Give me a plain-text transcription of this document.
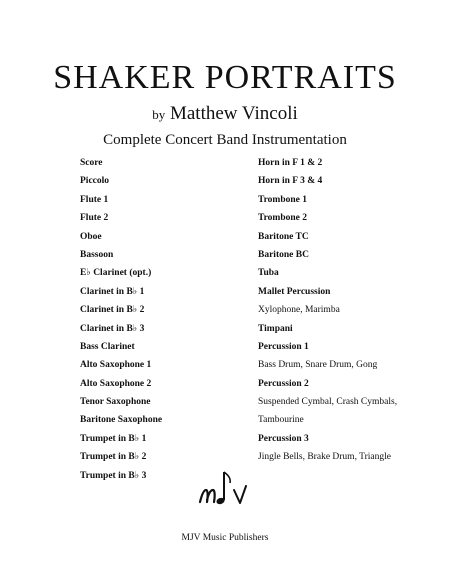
SHAKER PORTRAITS
by Matthew Vincoli
Complete Concert Band Instrumentation
Score
Piccolo
Flute 1
Flute 2
Oboe
Bassoon
E♭ Clarinet (opt.)
Clarinet in B♭ 1
Clarinet in B♭ 2
Clarinet in B♭ 3
Bass Clarinet
Alto Saxophone 1
Alto Saxophone 2
Tenor Saxophone
Baritone Saxophone
Trumpet in B♭ 1
Trumpet in B♭ 2
Trumpet in B♭ 3
Horn in F 1 & 2
Horn in F 3 & 4
Trombone 1
Trombone 2
Baritone TC
Baritone BC
Tuba
Mallet Percussion
Xylophone, Marimba
Timpani
Percussion 1
Bass Drum, Snare Drum, Gong
Percussion 2
Suspended Cymbal, Crash Cymbals,
Tambourine
Percussion 3
Jingle Bells, Brake Drum, Triangle
MJV Music Publishers
